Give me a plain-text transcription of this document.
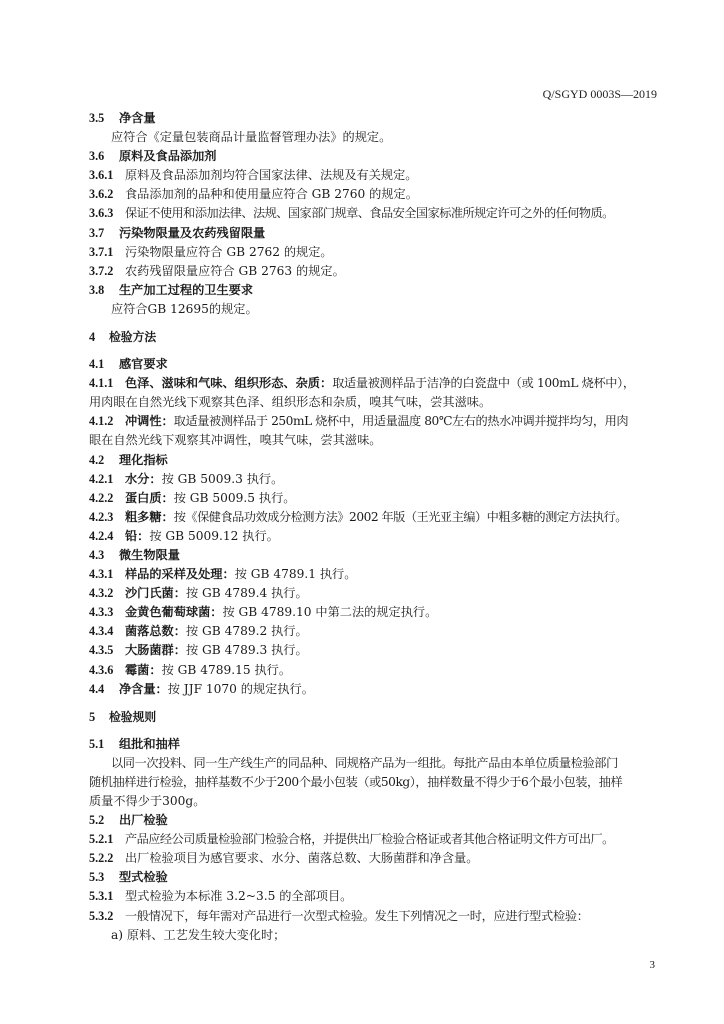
Q/SGYD 0003S—2019
3.5	净含量
应符合《定量包装商品计量监督管理办法》的规定。
3.6	原料及食品添加剂
3.6.1 原料及食品添加剂均符合国家法律、法规及有关规定。
3.6.2 食品添加剂的品种和使用量应符合 GB 2760 的规定。
3.6.3 保证不使用和添加法律、法规、国家部门规章、食品安全国家标准所规定许可之外的任何物质。
3.7	污染物限量及农药残留限量
3.7.1 污染物限量应符合 GB 2762 的规定。
3.7.2 农药残留限量应符合 GB 2763 的规定。
3.8	生产加工过程的卫生要求
应符合GB 12695的规定。
4	检验方法
4.1	感官要求
4.1.1 色泽、滋味和气味、组织形态、杂质：取适量被测样品于洁净的白瓷盘中（或 100mL 烧杯中），
用肉眼在自然光线下观察其色泽、组织形态和杂质，嗅其气味，尝其滋味。
4.1.2 冲调性：取适量被测样品于 250mL 烧杯中，用适量温度 80℃左右的热水冲调并搅拌均匀，用肉
眼在自然光线下观察其冲调性，嗅其气味，尝其滋味。
4.2	理化指标
4.2.1 水分：按 GB 5009.3 执行。
4.2.2 蛋白质：按 GB 5009.5 执行。
4.2.3 粗多糖：按《保健食品功效成分检测方法》2002 年版（王光亚主编）中粗多糖的测定方法执行。
4.2.4 铅：按 GB 5009.12 执行。
4.3	微生物限量
4.3.1 样品的采样及处理：按 GB 4789.1 执行。
4.3.2 沙门氏菌：按 GB 4789.4 执行。
4.3.3 金黄色葡萄球菌：按 GB 4789.10 中第二法的规定执行。
4.3.4 菌落总数：按 GB 4789.2 执行。
4.3.5 大肠菌群：按 GB 4789.3 执行。
4.3.6 霉菌：按 GB 4789.15 执行。
4.4	净含量：按 JJF 1070 的规定执行。
5	检验规则
5.1	组批和抽样
以同一次投料、同一生产线生产的同品种、同规格产品为一组批。每批产品由本单位质量检验部门
随机抽样进行检验，抽样基数不少于200个最小包装（或50kg），抽样数量不得少于6个最小包装，抽样
质量不得少于300g。
5.2	出厂检验
5.2.1 产品应经公司质量检验部门检验合格，并提供出厂检验合格证或者其他合格证明文件方可出厂。
5.2.2 出厂检验项目为感官要求、水分、菌落总数、大肠菌群和净含量。
5.3	型式检验
5.3.1 型式检验为本标准 3.2~3.5 的全部项目。
5.3.2 一般情况下，每年需对产品进行一次型式检验。发生下列情况之一时，应进行型式检验：
a) 原料、工艺发生较大变化时；
3
